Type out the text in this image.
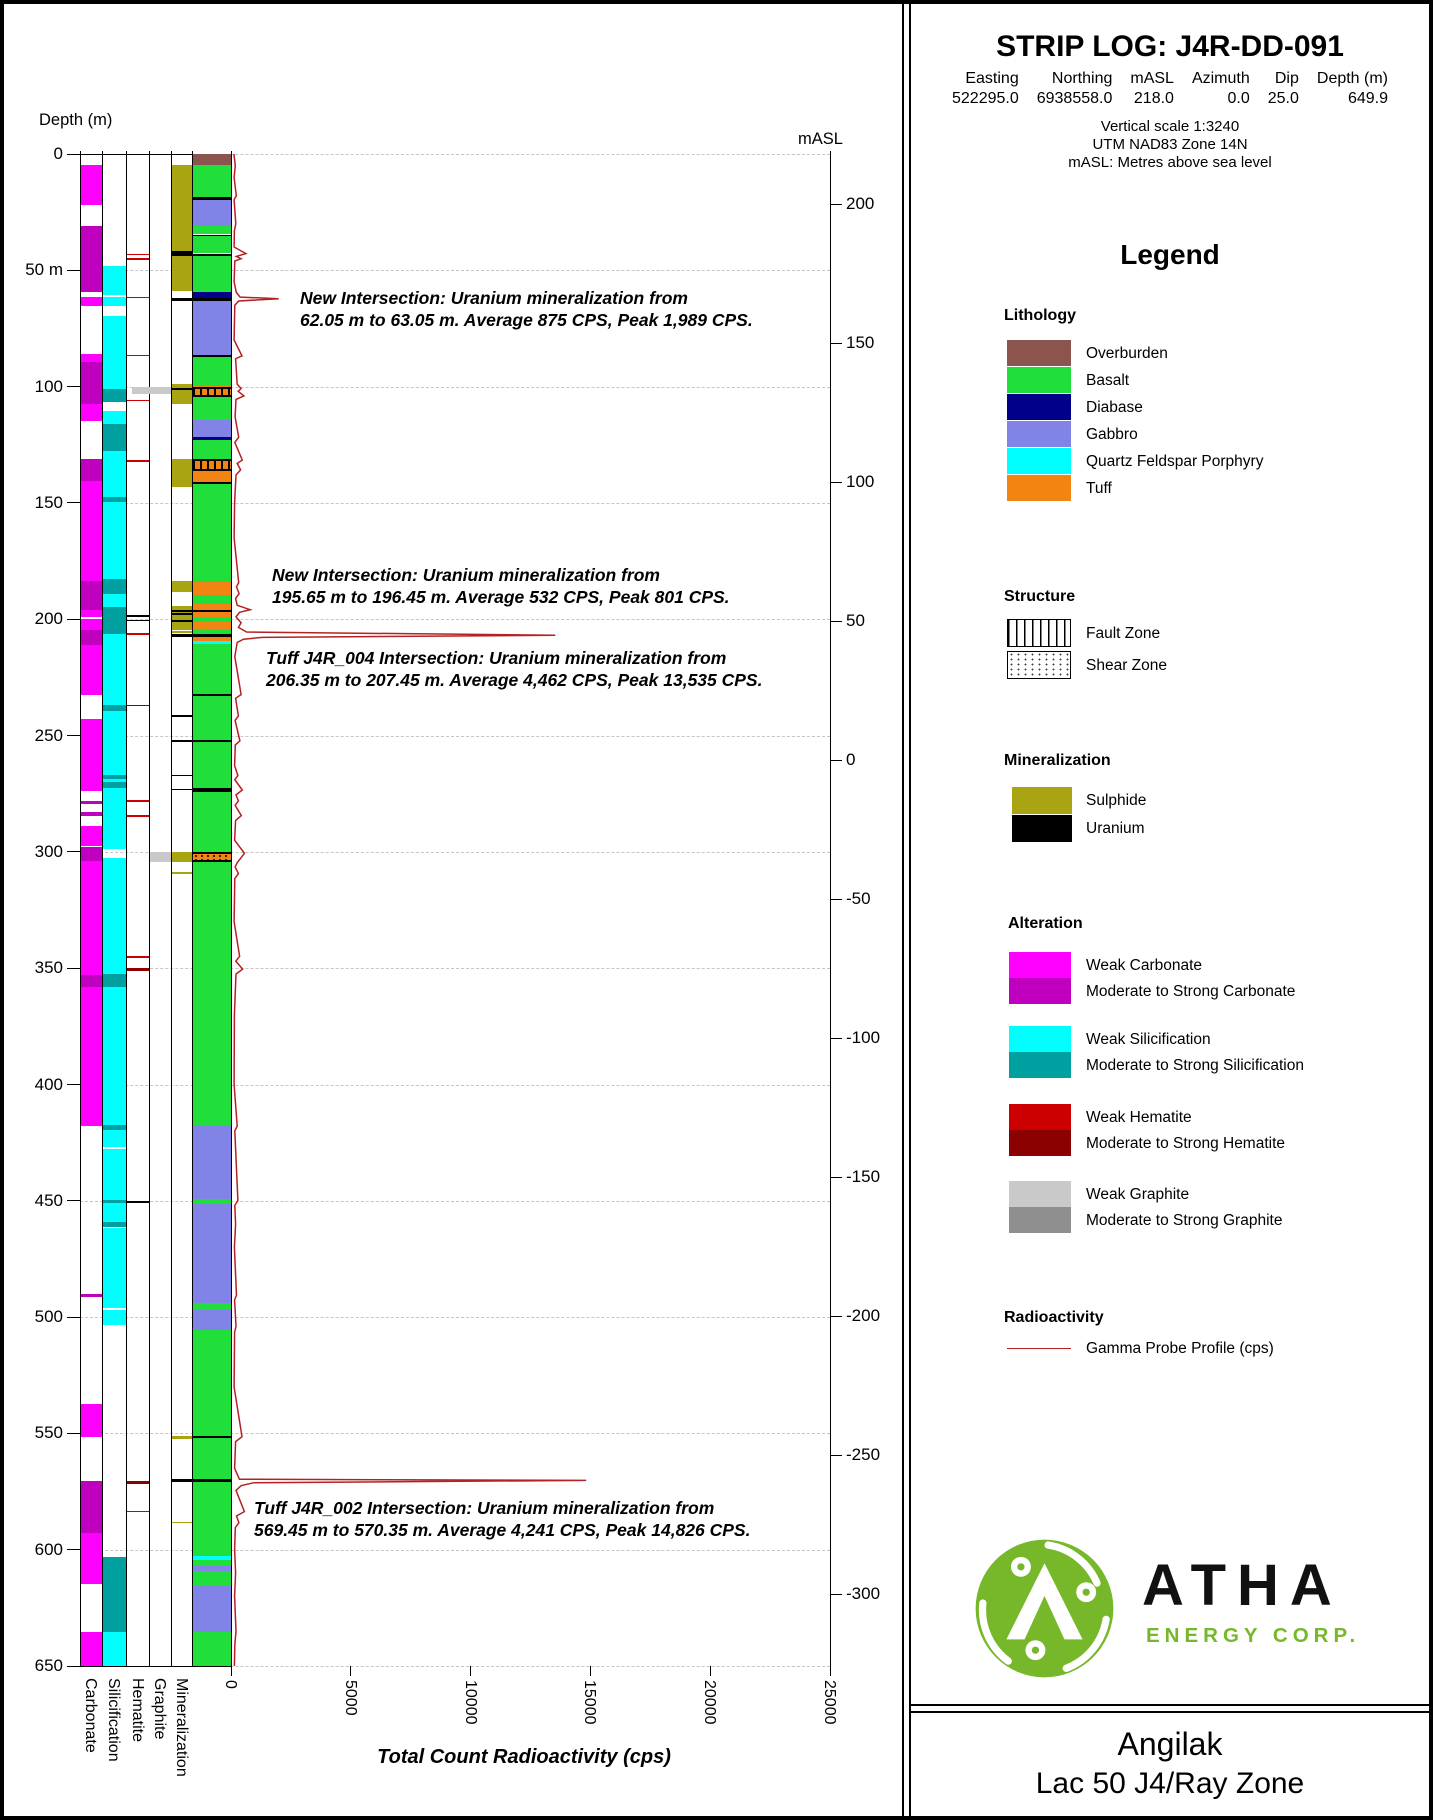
Depth (m)
mASL
0
50 m
100
150
200
250
300
350
400
450
500
550
600
650
200
150
100
50
0
-50
-100
-150
-200
-250
-300
0	5000	10000	15000	20000	25000
Carbonate Silicification Hematite Graphite Mineralization	Total Count Radioactivity (cps)
New Intersection: Uranium mineralization from
62.05 m to 63.05 m. Average 875 CPS, Peak 1,989 CPS.
New Intersection: Uranium mineralization from
195.65 m to 196.45 m. Average 532 CPS, Peak 801 CPS.
Tuff J4R_004 Intersection: Uranium mineralization from
206.35 m to 207.45 m. Average 4,462 CPS, Peak 13,535 CPS.
Tuff J4R_002 Intersection: Uranium mineralization from
569.45 m to 570.35 m. Average 4,241 CPS, Peak 14,826 CPS.
STRIP LOG: J4R-DD-091
Easting
522295.0
Northing
6938558.0
mASL
218.0
Azimuth
0.0
Dip
25.0
Depth (m)
649.9
Vertical scale 1:3240
UTM NAD83 Zone 14N
mASL: Metres above sea level
Legend
Lithology
Overburden
Basalt
Diabase
Gabbro
Quartz Feldspar Porphyry
Tuff
Structure
Fault Zone
Shear Zone
Mineralization
Sulphide
Uranium
Alteration
Weak Carbonate
Moderate to Strong Carbonate
Weak Silicification
Moderate to Strong Silicification
Weak Hematite
Moderate to Strong Hematite
Weak Graphite
Moderate to Strong Graphite
Radioactivity
Gamma Probe Profile (cps)
ATHA
ENERGY CORP.
Angilak
Lac 50 J4/Ray Zone
